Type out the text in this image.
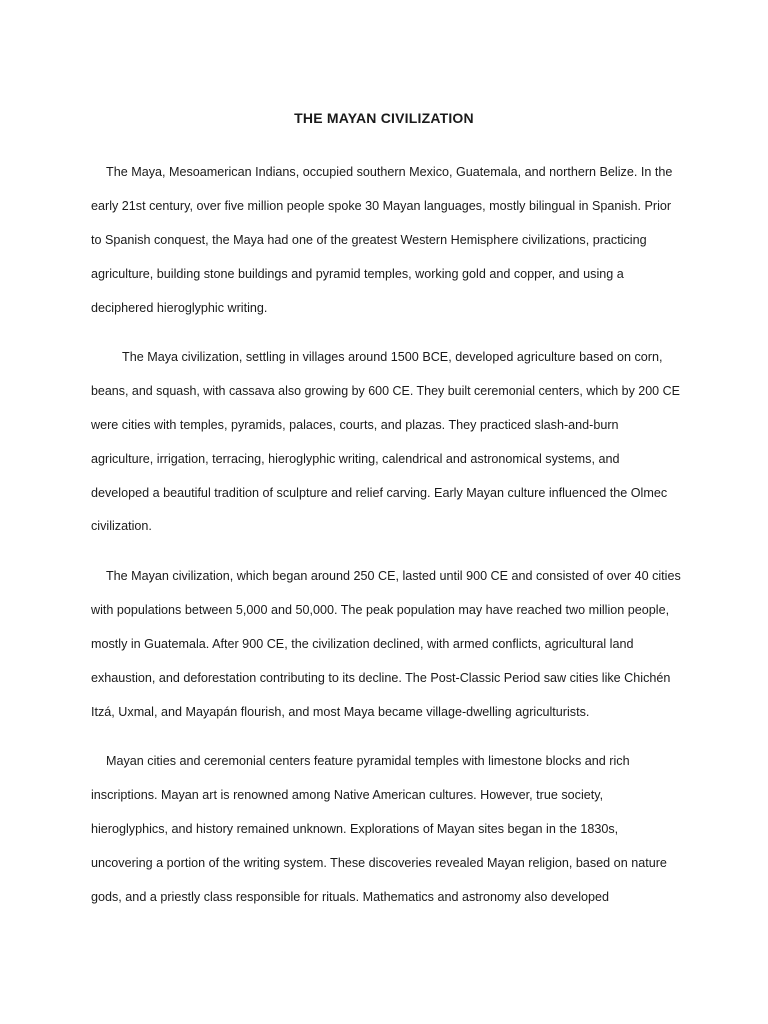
THE MAYAN CIVILIZATION
The Maya, Mesoamerican Indians, occupied southern Mexico, Guatemala, and northern Belize. In the
early 21st century, over five million people spoke 30 Mayan languages, mostly bilingual in Spanish. Prior
to Spanish conquest, the Maya had one of the greatest Western Hemisphere civilizations, practicing
agriculture, building stone buildings and pyramid temples, working gold and copper, and using a
deciphered hieroglyphic writing.
The Maya civilization, settling in villages around 1500 BCE, developed agriculture based on corn,
beans, and squash, with cassava also growing by 600 CE. They built ceremonial centers, which by 200 CE
were cities with temples, pyramids, palaces, courts, and plazas. They practiced slash-and-burn
agriculture, irrigation, terracing, hieroglyphic writing, calendrical and astronomical systems, and
developed a beautiful tradition of sculpture and relief carving. Early Mayan culture influenced the Olmec
civilization.
The Mayan civilization, which began around 250 CE, lasted until 900 CE and consisted of over 40 cities
with populations between 5,000 and 50,000. The peak population may have reached two million people,
mostly in Guatemala. After 900 CE, the civilization declined, with armed conflicts, agricultural land
exhaustion, and deforestation contributing to its decline. The Post-Classic Period saw cities like Chichén
Itzá, Uxmal, and Mayapán flourish, and most Maya became village-dwelling agriculturists.
Mayan cities and ceremonial centers feature pyramidal temples with limestone blocks and rich
inscriptions. Mayan art is renowned among Native American cultures. However, true society,
hieroglyphics, and history remained unknown. Explorations of Mayan sites began in the 1830s,
uncovering a portion of the writing system. These discoveries revealed Mayan religion, based on nature
gods, and a priestly class responsible for rituals. Mathematics and astronomy also developed
